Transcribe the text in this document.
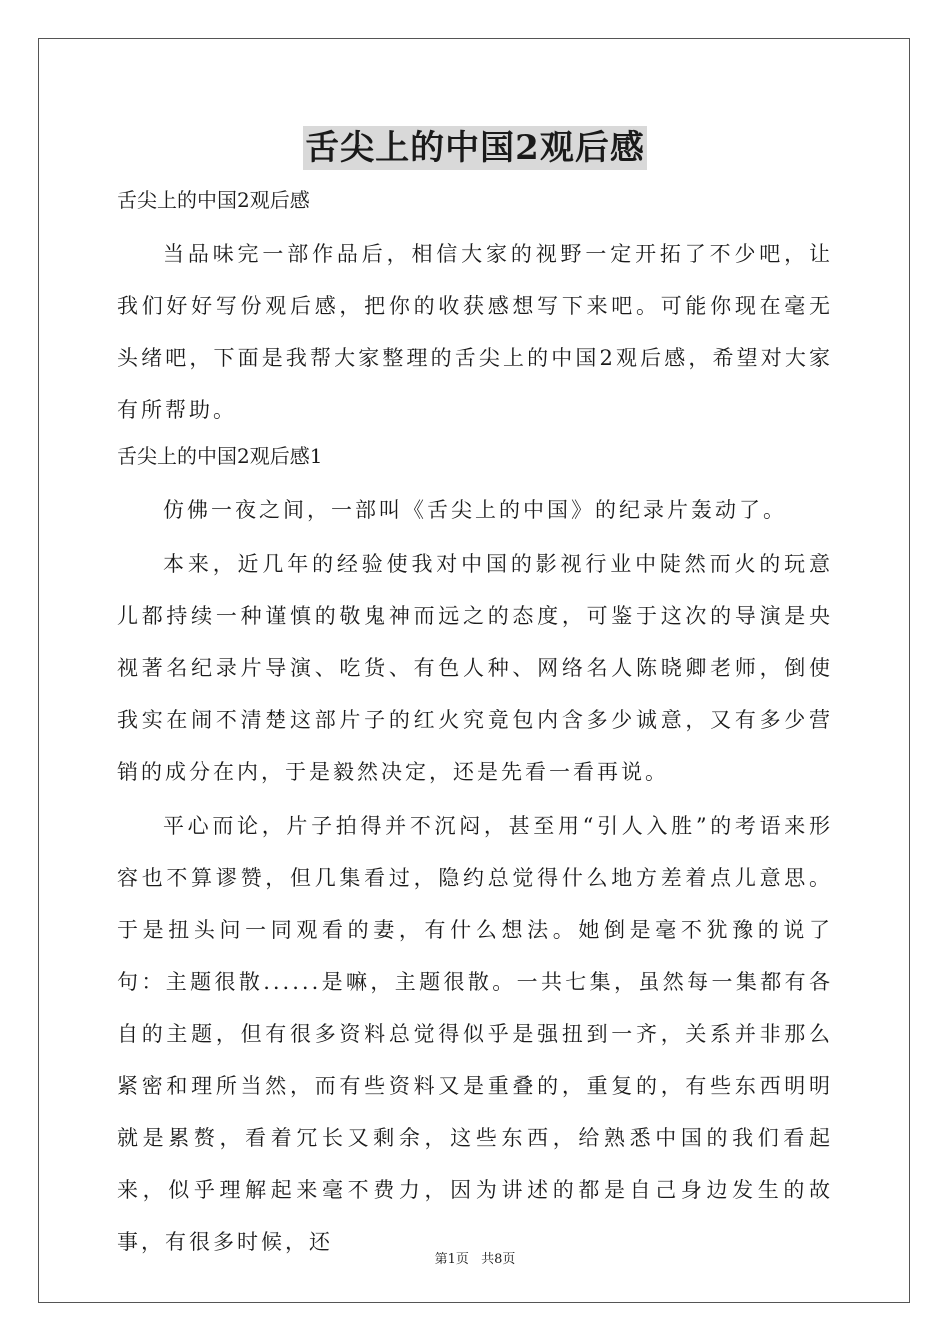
舌尖上的中国2观后感

舌尖上的中国2观后感

当品味完一部作品后，相信大家的视野一定开拓了不少吧，让我们好好写份观后感，把你的收获感想写下来吧。可能你现在毫无头绪吧，下面是我帮大家整理的舌尖上的中国2观后感，希望对大家有所帮助。

舌尖上的中国2观后感1

仿佛一夜之间，一部叫《舌尖上的中国》的纪录片轰动了。

本来，近几年的经验使我对中国的影视行业中陡然而火的玩意儿都持续一种谨慎的敬鬼神而远之的态度，可鉴于这次的导演是央视著名纪录片导演、吃货、有色人种、网络名人陈晓卿老师，倒使我实在闹不清楚这部片子的红火究竟包内含多少诚意，又有多少营销的成分在内，于是毅然决定，还是先看一看再说。

平心而论，片子拍得并不沉闷，甚至用“引人入胜”的考语来形容也不算谬赞，但几集看过，隐约总觉得什么地方差着点儿意思。于是扭头问一同观看的妻，有什么想法。她倒是毫不犹豫的说了句：主题很散......是嘛，主题很散。一共七集，虽然每一集都有各自的主题，但有很多资料总觉得似乎是强扭到一齐，关系并非那么紧密和理所当然，而有些资料又是重叠的，重复的，有些东西明明就是累赘，看着冗长又剩余，这些东西，给熟悉中国的我们看起来，似乎理解起来毫不费力，因为讲述的都是自己身边发生的故事，有很多时候，还

第1页 共8页
